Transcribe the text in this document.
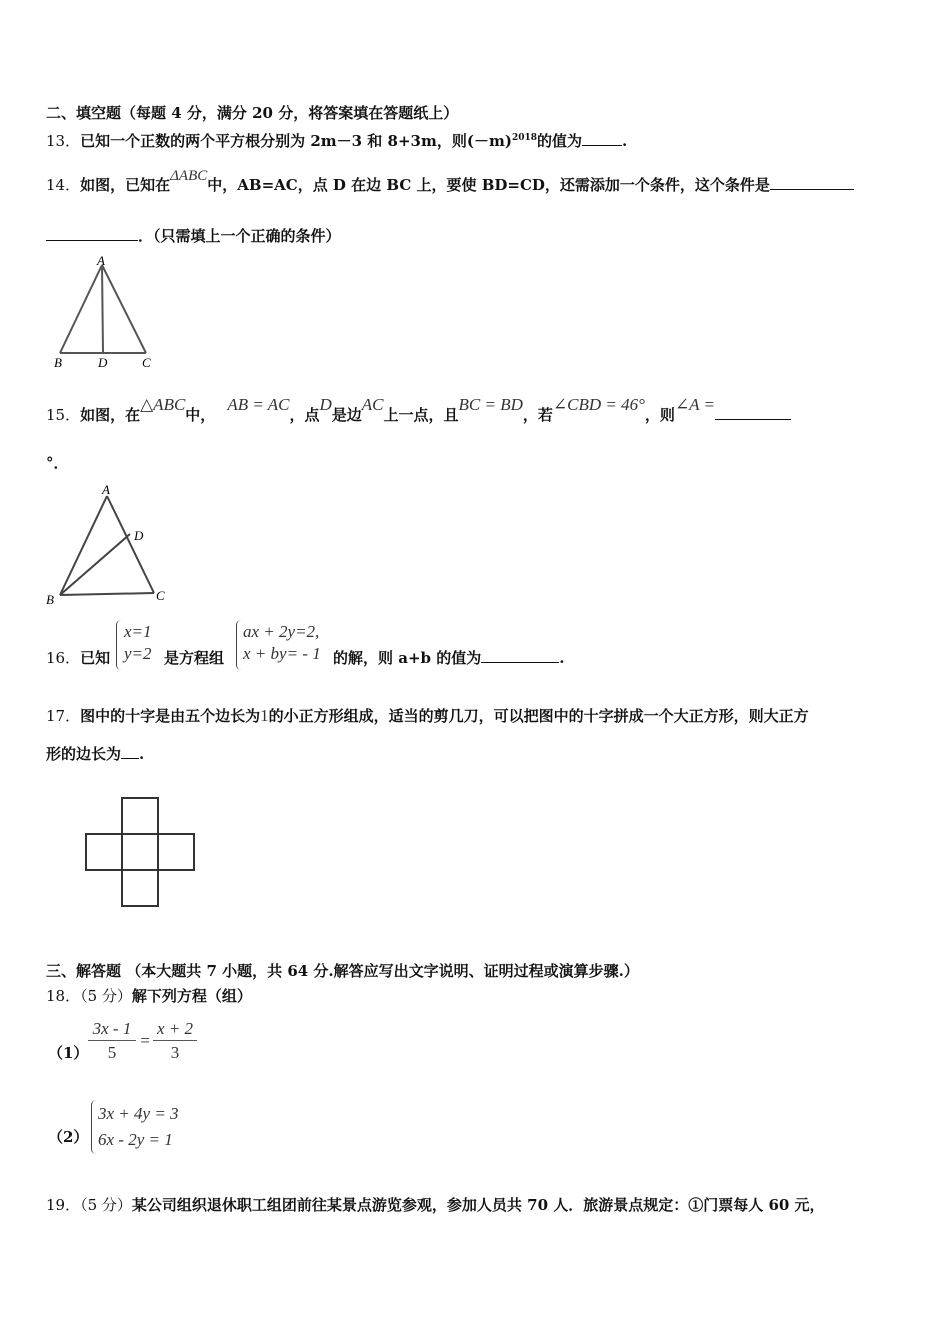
二、填空题（每题 4 分，满分 20 分，将答案填在答题纸上）
13．已知一个正数的两个平方根分别为 2m－3 和 8+3m，则$(-m)^{2018}$的值为	.
14．如图，已知在ΔABC中，AB=AC，点 D 在边 BC 上，要使 BD=CD，还需添加一个条件，这个条件是
．（只需填上一个正确的条件）
A
B	D	C
15．如图，在△ABC中，AB = AC，点D是边AC上一点，且BC = BD，若∠CBD = 46°，则∠A =
°．
A
D
B	C
16．已知
x=1
y=2 是方程组
ax + 2y=2,
x + by= - 1 的解，则 a+b 的值为	.
17．图中的十字是由五个边长为1的小正方形组成，适当的剪几刀，可以把图中的十字拼成一个大正方形，则大正方
形的边长为 .
三、解答题 （本大题共 7 小题，共 64 分.解答应写出文字说明、证明过程或演算步骤.）
18．（5 分）解下列方程（组）
$(1) \frac{3x - 1}{5} = \frac{x + 2}{3}$
（2）
3x + 4y = 3
6x - 2y = 1
19．（5 分）某公司组织退休职工组团前往某景点游览参观，参加人员共 70 人．旅游景点规定：①门票每人 60 元，
